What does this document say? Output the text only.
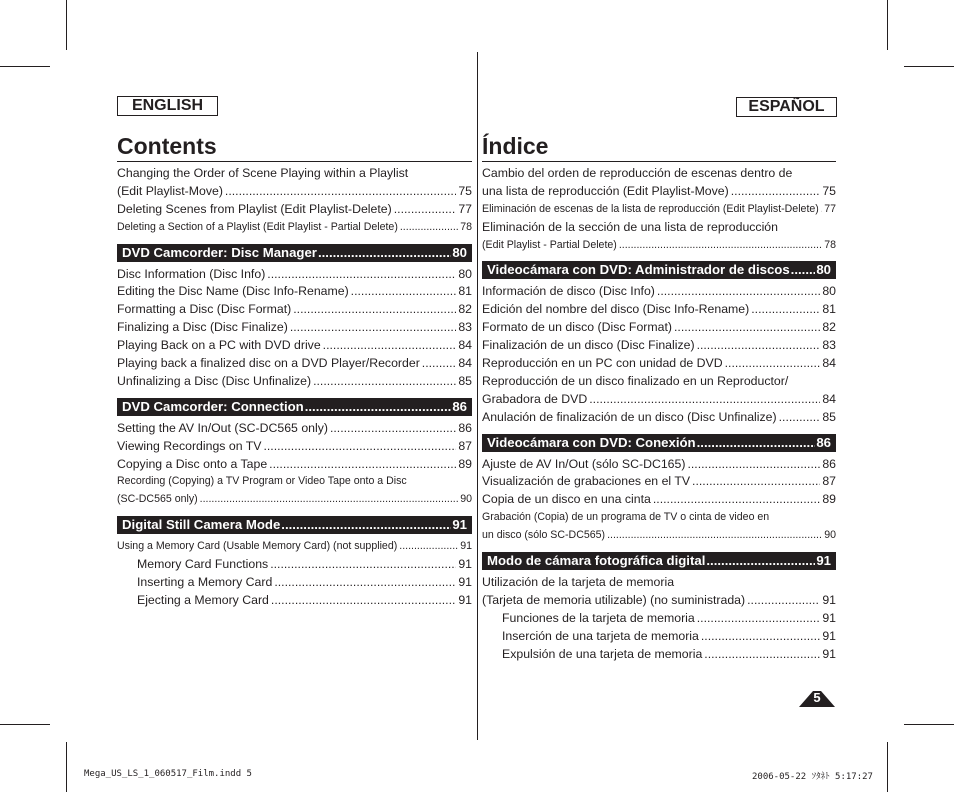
ENGLISH
Contents
ESPAÑOL
Índice
Changing the Order of Scene Playing within a Playlist
(Edit Playlist-Move) .....	75
Deleting Scenes from Playlist (Edit Playlist-Delete) .....	77
Deleting a Section of a Playlist (Edit Playlist - Partial Delete) .....	78
DVD Camcorder: Disc Manager .....	80
Disc Information (Disc Info) .....	80
Editing the Disc Name (Disc Info-Rename) .....	81
Formatting a Disc (Disc Format) .....	82
Finalizing a Disc (Disc Finalize) .....	83
Playing Back on a PC with DVD drive .....	84
Playing back a finalized disc on a DVD Player/Recorder .....	84
Unfinalizing a Disc (Disc Unfinalize) .....	85
DVD Camcorder: Connection .....	86
Setting the AV In/Out (SC-DC565 only) .....	86
Viewing Recordings on TV .....	87
Copying a Disc onto a Tape .....	89
Recording (Copying) a TV Program or Video Tape onto a Disc
(SC-DC565 only) .....	90
Digital Still Camera Mode .....	91
Using a Memory Card (Usable Memory Card) (not supplied) .....	91
Memory Card Functions .....	91
Inserting a Memory Card .....	91
Ejecting a Memory Card .....	91
Cambio del orden de reproducción de escenas dentro de
una lista de reproducción (Edit Playlist-Move) .....	75
Eliminación de escenas de la lista de reproducción (Edit Playlist-Delete) ..... 77
Eliminación de la sección de una lista de reproducción
(Edit Playlist - Partial Delete) .....	78
Videocámara con DVD: Administrador de discos ..... 80
Información de disco (Disc Info) .....	80
Edición del nombre del disco (Disc Info-Rename) .....	81
Formato de un disco (Disc Format) .....	82
Finalización de un disco (Disc Finalize) .....	83
Reproducción en un PC con unidad de DVD .....	84
Reproducción de un disco finalizado en un Reproductor/
Grabadora de DVD .....	84
Anulación de finalización de un disco (Disc Unfinalize) .....	85
Videocámara con DVD: Conexión .....	86
Ajuste de AV In/Out (sólo SC-DC165) .....	86
Visualización de grabaciones en el TV .....	87
Copia de un disco en una cinta .....	89
Grabación (Copia) de un programa de TV o cinta de video en
un disco (sólo SC-DC565) .....	90
Modo de cámara fotográfica digital .....	91
Utilización de la tarjeta de memoria
(Tarjeta de memoria utilizable) (no suministrada) .....	91
Funciones de la tarjeta de memoria .....	91
Inserción de una tarjeta de memoria .....	91
Expulsión de una tarjeta de memoria .....	91
5
Mega_US_LS_1_060517_Film.indd 5	2006-05-22 ｿﾀﾈﾄ 5:17:27
